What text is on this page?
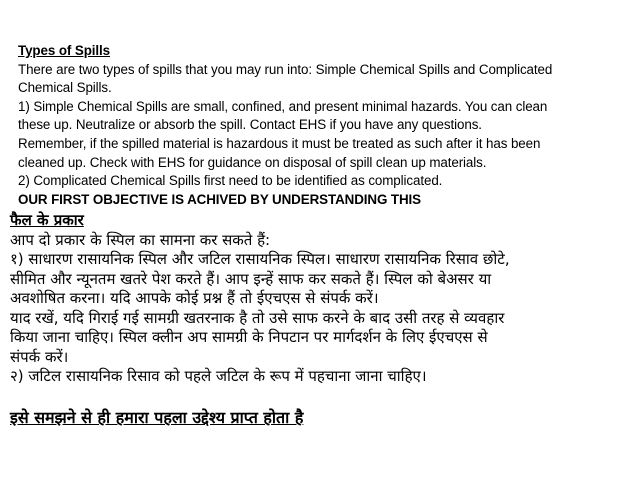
Types of Spills
There are two types of spills that you may run into: Simple Chemical Spills and Complicated
Chemical Spills.
1) Simple Chemical Spills are small, confined, and present minimal hazards. You can clean
these up. Neutralize or absorb the spill. Contact EHS if you have any questions.
Remember, if the spilled material is hazardous it must be treated as such after it has been
cleaned up. Check with EHS for guidance on disposal of spill clean up materials.
2) Complicated Chemical Spills first need to be identified as complicated.
OUR FIRST OBJECTIVE IS ACHIVED BY UNDERSTANDING THIS
फैल के प्रकार
आप दो प्रकार के स्पिल का सामना कर सकते हैं:
१) साधारण रासायनिक स्पिल और जटिल रासायनिक स्पिल। साधारण रासायनिक रिसाव छोटे,
सीमित और न्यूनतम खतरे पेश करते हैं। आप इन्हें साफ कर सकते हैं। स्पिल को बेअसर या
अवशोषित करना। यदि आपके कोई प्रश्न हैं तो ईएचएस से संपर्क करें।
याद रखें, यदि गिराई गई सामग्री खतरनाक है तो उसे साफ करने के बाद उसी तरह से व्यवहार
किया जाना चाहिए। स्पिल क्लीन अप सामग्री के निपटान पर मार्गदर्शन के लिए ईएचएस से
संपर्क करें।
२) जटिल रासायनिक रिसाव को पहले जटिल के रूप में पहचाना जाना चाहिए।
इसे समझने से ही हमारा पहला उद्देश्य प्राप्त होता है
